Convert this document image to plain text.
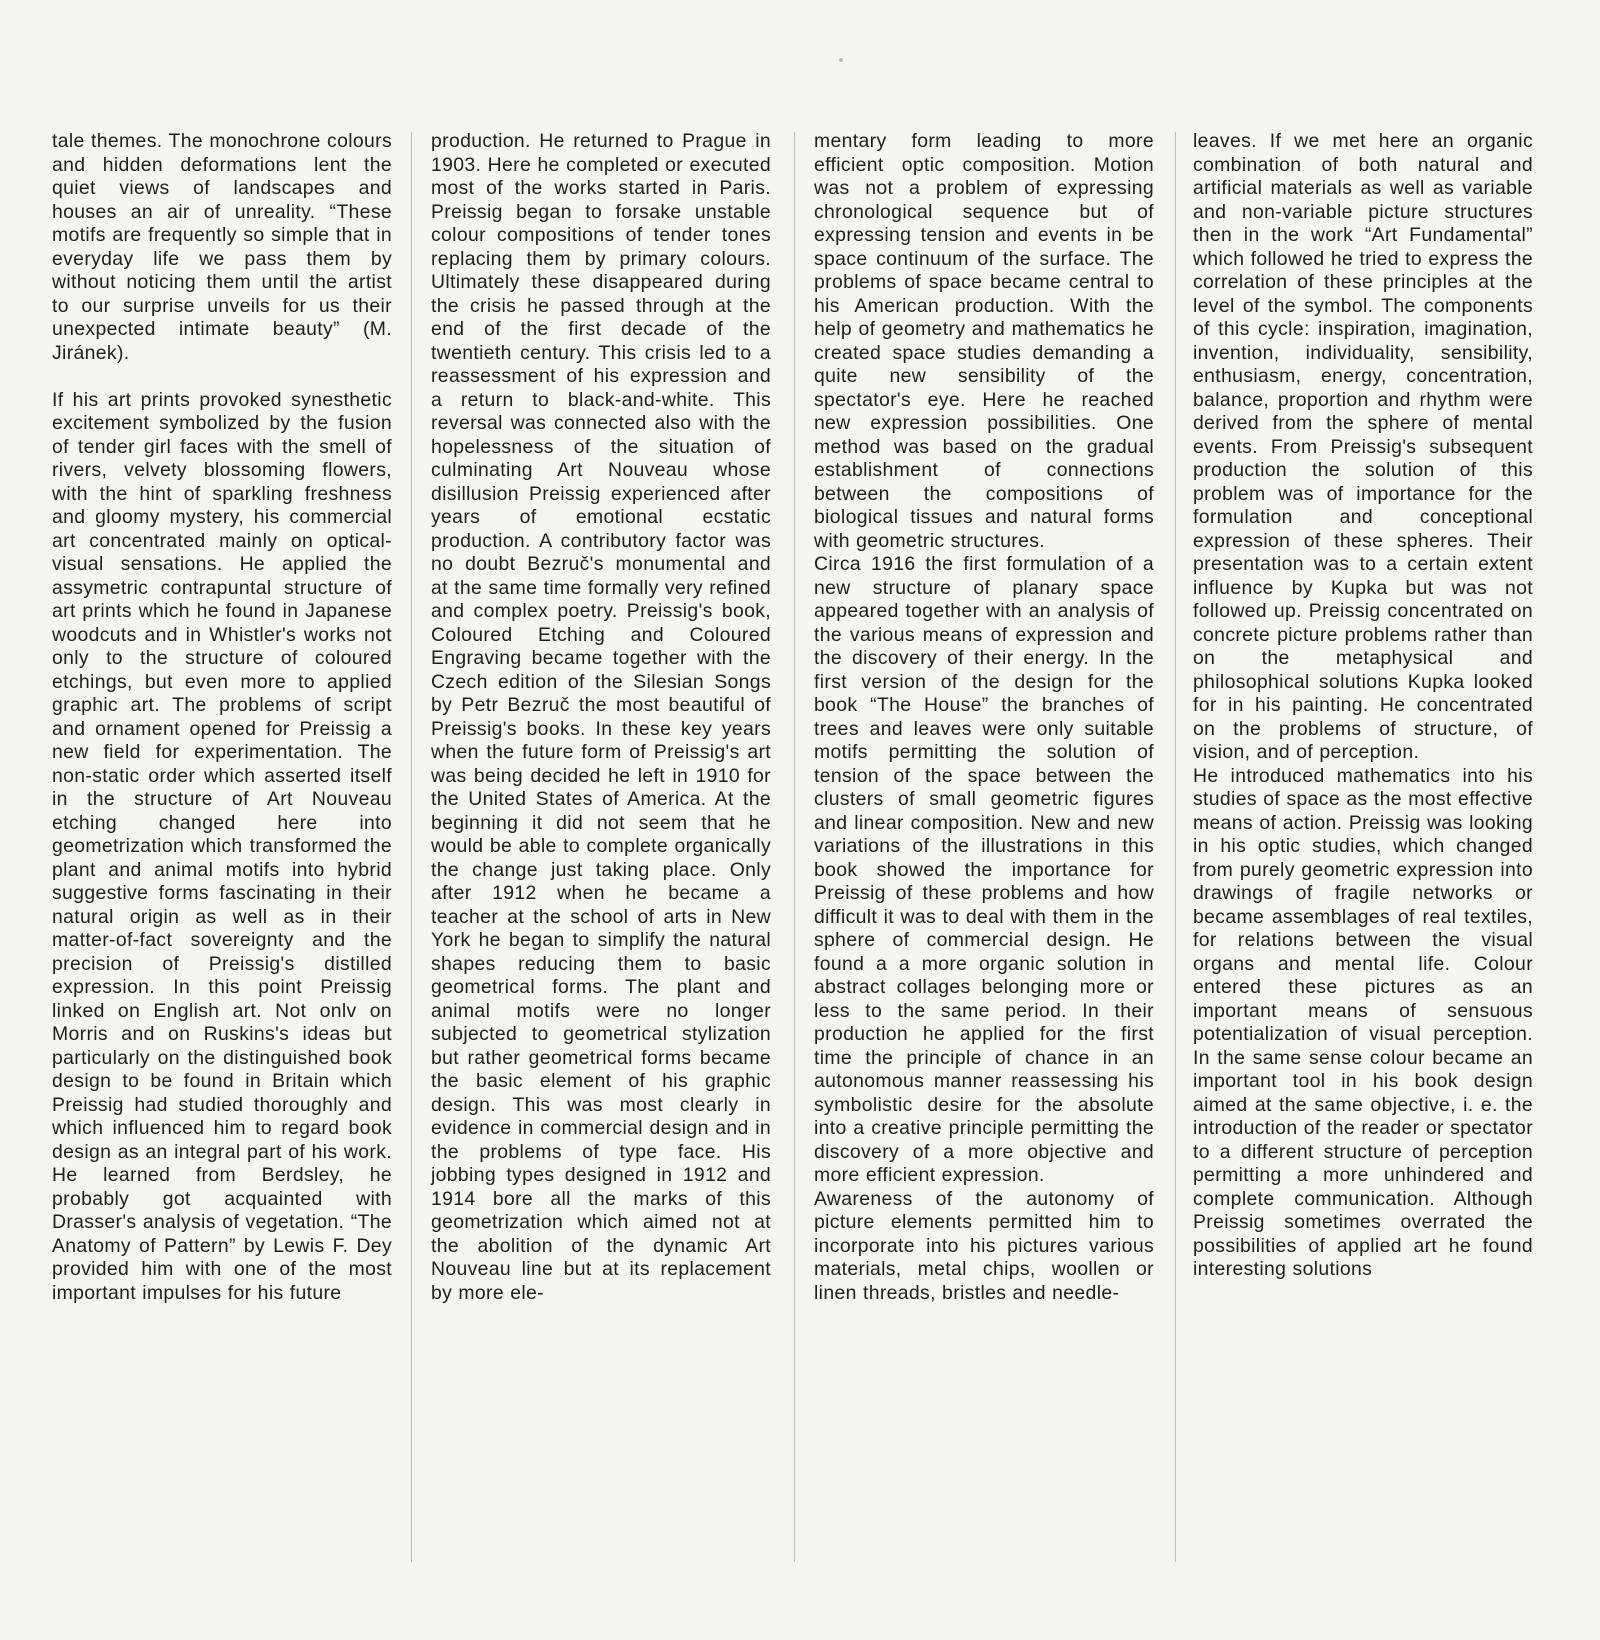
tale themes. The monochrone colours and hidden deformations lent the quiet views of landscapes and houses an air of unreality. “These motifs are frequently so simple that in everyday life we pass them by without noticing them until the artist to our surprise unveils for us their unexpected intimate beauty” (M. Jiránek).

If his art prints provoked synesthetic excitement symbolized by the fusion of tender girl faces with the smell of rivers, velvety blossoming flowers, with the hint of sparkling freshness and gloomy mystery, his commercial art concentrated mainly on optical-visual sensations. He applied the assymetric contrapuntal structure of art prints which he found in Japanese woodcuts and in Whistler's works not only to the structure of coloured etchings, but even more to applied graphic art. The problems of script and ornament opened for Preissig a new field for experimentation. The non-static order which asserted itself in the structure of Art Nouveau etching changed here into geometrization which transformed the plant and animal motifs into hybrid suggestive forms fascinating in their natural origin as well as in their matter-of-fact sovereignty and the precision of Preissig's distilled expression. In this point Preissig linked on English art. Not onlv on Morris and on Ruskins's ideas but particularly on the distinguished book design to be found in Britain which Preissig had studied thoroughly and which influenced him to regard book design as an integral part of his work. He learned from Berdsley, he probably got acquainted with Drasser's analysis of vegetation. “The Anatomy of Pattern” by Lewis F. Dey provided him with one of the most important impulses for his future

production. He returned to Prague in 1903. Here he completed or executed most of the works started in Paris. Preissig began to forsake unstable colour compositions of tender tones replacing them by primary colours. Ultimately these disappeared during the crisis he passed through at the end of the first decade of the twentieth century. This crisis led to a reassessment of his expression and a return to black-and-white. This reversal was connected also with the hopelessness of the situation of culminating Art Nouveau whose disillusion Preissig experienced after years of emotional ecstatic production. A contributory factor was no doubt Bezruč's monumental and at the same time formally very refined and complex poetry. Preissig's book, Coloured Etching and Coloured Engraving became together with the Czech edition of the Silesian Songs by Petr Bezruč the most beautiful of Preissig's books. In these key years when the future form of Preissig's art was being decided he left in 1910 for the United States of America. At the beginning it did not seem that he would be able to complete organically the change just taking place. Only after 1912 when he became a teacher at the school of arts in New York he began to simplify the natural shapes reducing them to basic geometrical forms. The plant and animal motifs were no longer subjected to geometrical stylization but rather geometrical forms became the basic element of his graphic design. This was most clearly in evidence in commercial design and in the problems of type face. His jobbing types designed in 1912 and 1914 bore all the marks of this geometrization which aimed not at the abolition of the dynamic Art Nouveau line but at its replacement by more ele-

mentary form leading to more efficient optic composition. Motion was not a problem of expressing chronological sequence but of expressing tension and events in be space continuum of the surface. The problems of space became central to his American production. With the help of geometry and mathematics he created space studies demanding a quite new sensibility of the spectator's eye. Here he reached new expression possibilities. One method was based on the gradual establishment of connections between the compositions of biological tissues and natural forms with geometric structures.

Circa 1916 the first formulation of a new structure of planary space appeared together with an analysis of the various means of expression and the discovery of their energy. In the first version of the design for the book “The House” the branches of trees and leaves were only suitable motifs permitting the solution of tension of the space between the clusters of small geometric figures and linear composition. New and new variations of the illustrations in this book showed the importance for Preissig of these problems and how difficult it was to deal with them in the sphere of commercial design. He found a a more organic solution in abstract collages belonging more or less to the same period. In their production he applied for the first time the principle of chance in an autonomous manner reassessing his symbolistic desire for the absolute into a creative principle permitting the discovery of a more objective and more efficient expression.

Awareness of the autonomy of picture elements permitted him to incorporate into his pictures various materials, metal chips, woollen or linen threads, bristles and needle-

leaves. If we met here an organic combination of both natural and artificial materials as well as variable and non-variable picture structures then in the work “Art Fundamental” which followed he tried to express the correlation of these principles at the level of the symbol. The components of this cycle: inspiration, imagination, invention, individuality, sensibility, enthusiasm, energy, concentration, balance, proportion and rhythm were derived from the sphere of mental events. From Preissig's subsequent production the solution of this problem was of importance for the formulation and conceptional expression of these spheres. Their presentation was to a certain extent influence by Kupka but was not followed up. Preissig concentrated on concrete picture problems rather than on the metaphysical and philosophical solutions Kupka looked for in his painting. He concentrated on the problems of structure, of vision, and of perception.

He introduced mathematics into his studies of space as the most effective means of action. Preissig was looking in his optic studies, which changed from purely geometric expression into drawings of fragile networks or became assemblages of real textiles, for relations between the visual organs and mental life. Colour entered these pictures as an important means of sensuous potentialization of visual perception. In the same sense colour became an important tool in his book design aimed at the same objective, i. e. the introduction of the reader or spectator to a different structure of perception permitting a more unhindered and complete communication. Although Preissig sometimes overrated the possibilities of applied art he found interesting solutions
